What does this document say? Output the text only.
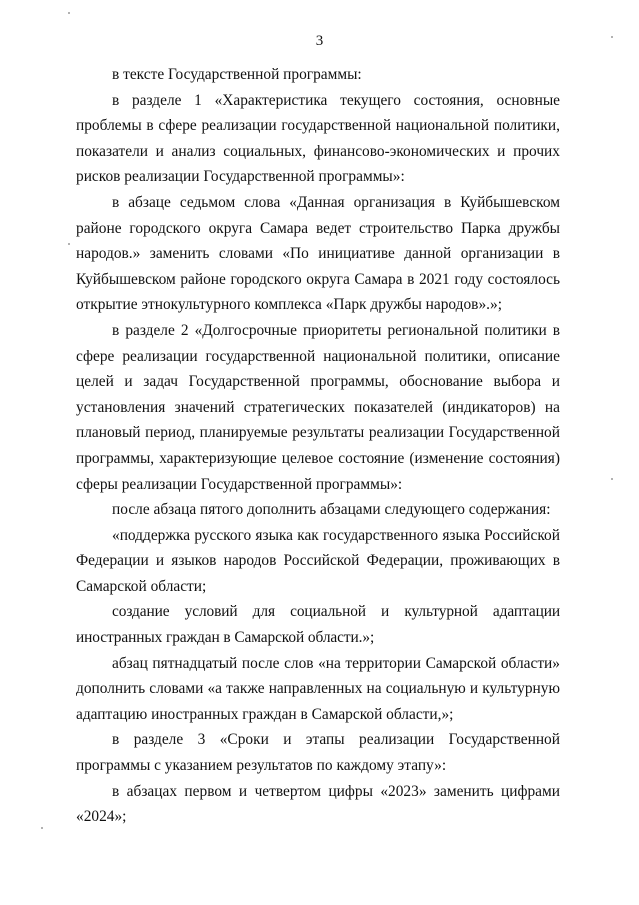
3

в тексте Государственной программы:

в разделе 1 «Характеристика текущего состояния, основные проблемы в сфере реализации государственной национальной политики, показатели и анализ социальных, финансово-экономических и прочих рисков реализации Государственной программы»:

в абзаце седьмом слова «Данная организация в Куйбышевском районе городского округа Самара ведет строительство Парка дружбы народов.» заменить словами «По инициативе данной организации в Куйбышевском районе городского округа Самара в 2021 году состоялось открытие этнокультурного комплекса «Парк дружбы народов».»;

в разделе 2 «Долгосрочные приоритеты региональной политики в сфере реализации государственной национальной политики, описание целей и задач Государственной программы, обоснование выбора и установления значений стратегических показателей (индикаторов) на плановый период, планируемые результаты реализации Государственной программы, характеризующие целевое состояние (изменение состояния) сферы реализации Государственной программы»:

после абзаца пятого дополнить абзацами следующего содержания:

«поддержка русского языка как государственного языка Российской Федерации и языков народов Российской Федерации, проживающих в Самарской области;

создание условий для социальной и культурной адаптации иностранных граждан в Самарской области.»;

абзац пятнадцатый после слов «на территории Самарской области» дополнить словами «а также направленных на социальную и культурную адаптацию иностранных граждан в Самарской области,»;

в разделе 3 «Сроки и этапы реализации Государственной программы с указанием результатов по каждому этапу»:

в абзацах первом и четвертом цифры «2023» заменить цифрами «2024»;
